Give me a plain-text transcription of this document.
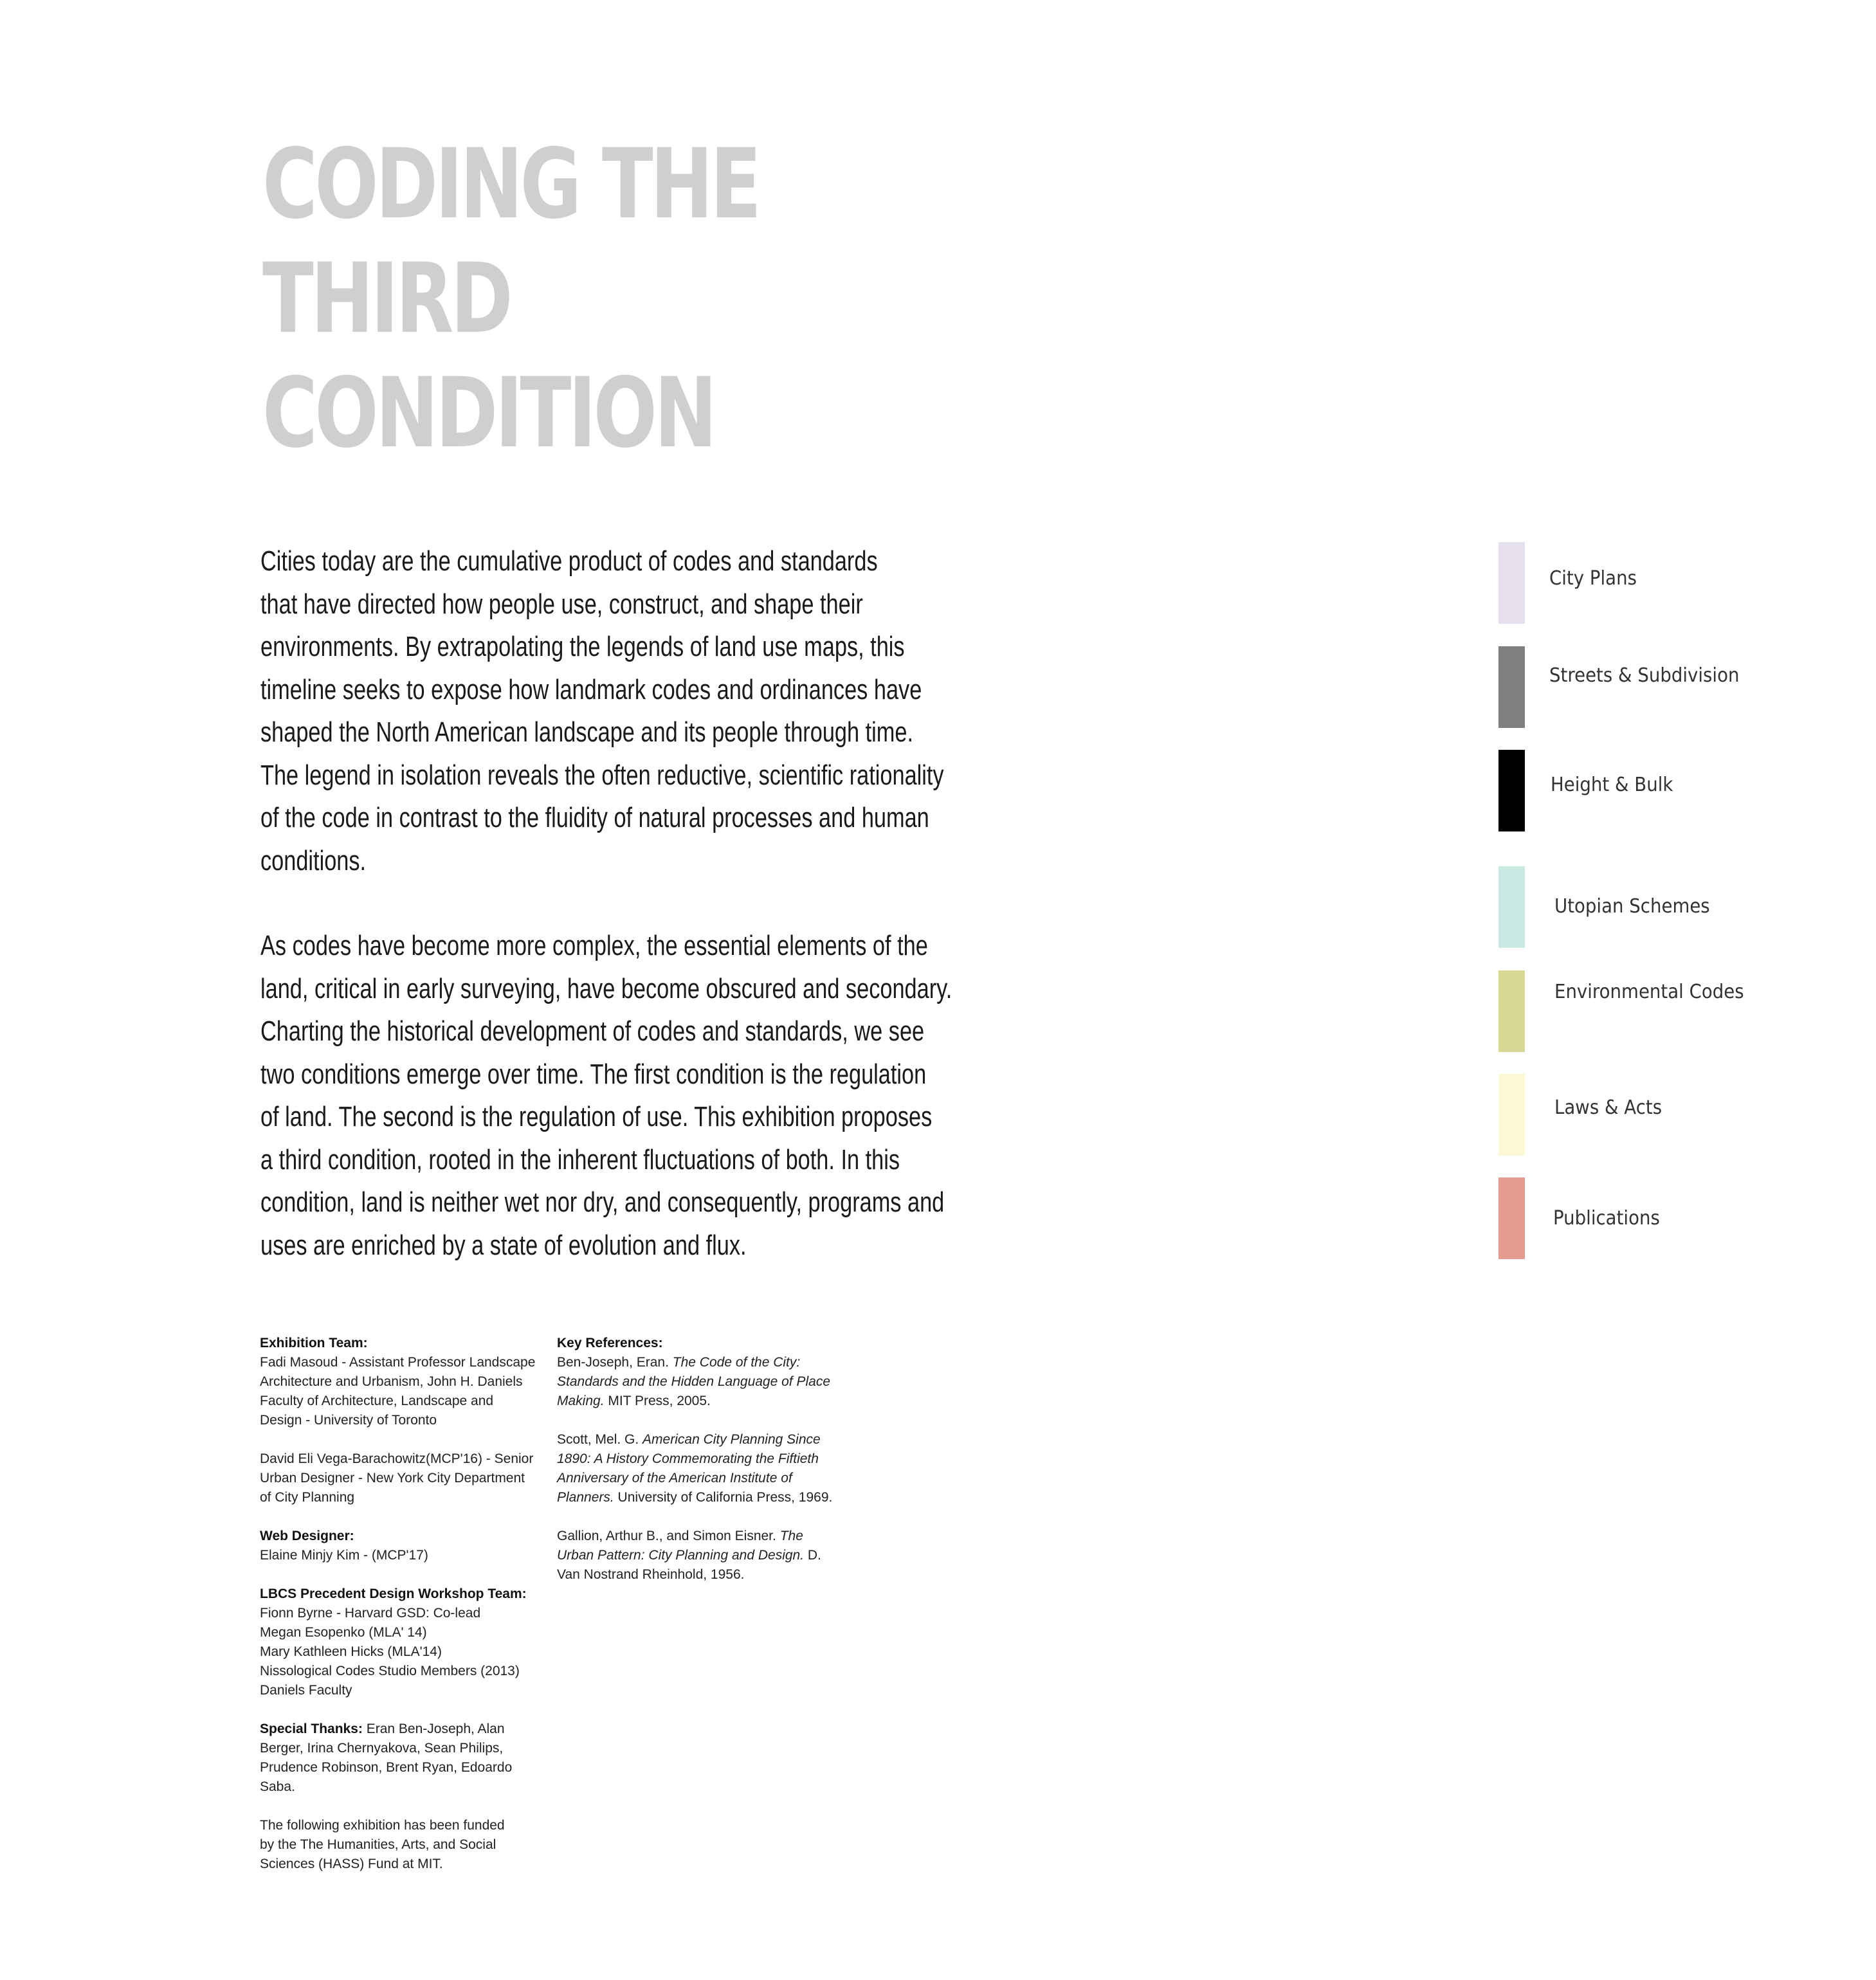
CODING THE
THIRD
CONDITION

Cities today are the cumulative product of codes and standards
that have directed how people use, construct, and shape their
environments. By extrapolating the legends of land use maps, this
timeline seeks to expose how landmark codes and ordinances have
shaped the North American landscape and its people through time.
The legend in isolation reveals the often reductive, scientific rationality
of the code in contrast to the fluidity of natural processes and human
conditions.

As codes have become more complex, the essential elements of the
land, critical in early surveying, have become obscured and secondary.
Charting the historical development of codes and standards, we see
two conditions emerge over time. The first condition is the regulation
of land. The second is the regulation of use. This exhibition proposes
a third condition, rooted in the inherent fluctuations of both. In this
condition, land is neither wet nor dry, and consequently, programs and
uses are enriched by a state of evolution and flux.

Exhibition Team:
Fadi Masoud - Assistant Professor Landscape
Architecture and Urbanism, John H. Daniels
Faculty of Architecture, Landscape and
Design - University of Toronto
David Eli Vega-Barachowitz(MCP'16) - Senior
Urban Designer - New York City Department
of City Planning
Web Designer:
Elaine Minjy Kim - (MCP'17)
LBCS Precedent Design Workshop Team:
Fionn Byrne - Harvard GSD: Co-lead
Megan Esopenko (MLA' 14)
Mary Kathleen Hicks (MLA'14)
Nissological Codes Studio Members (2013)
Daniels Faculty
Special Thanks: Eran Ben-Joseph, Alan
Berger, Irina Chernyakova, Sean Philips,
Prudence Robinson, Brent Ryan, Edoardo
Saba.
The following exhibition has been funded
by the The Humanities, Arts, and Social
Sciences (HASS) Fund at MIT.
Key References:
Ben-Joseph, Eran. The Code of the City:
Standards and the Hidden Language of Place
Making. MIT Press, 2005.
Scott, Mel. G. American City Planning Since
1890: A History Commemorating the Fiftieth
Anniversary of the American Institute of
Planners. University of California Press, 1969.
Gallion, Arthur B., and Simon Eisner. The
Urban Pattern: City Planning and Design. D.
Van Nostrand Rheinhold, 1956.
City Plans
Streets & Subdivision
Height & Bulk
Utopian Schemes
Environmental Codes
Laws & Acts
Publications
